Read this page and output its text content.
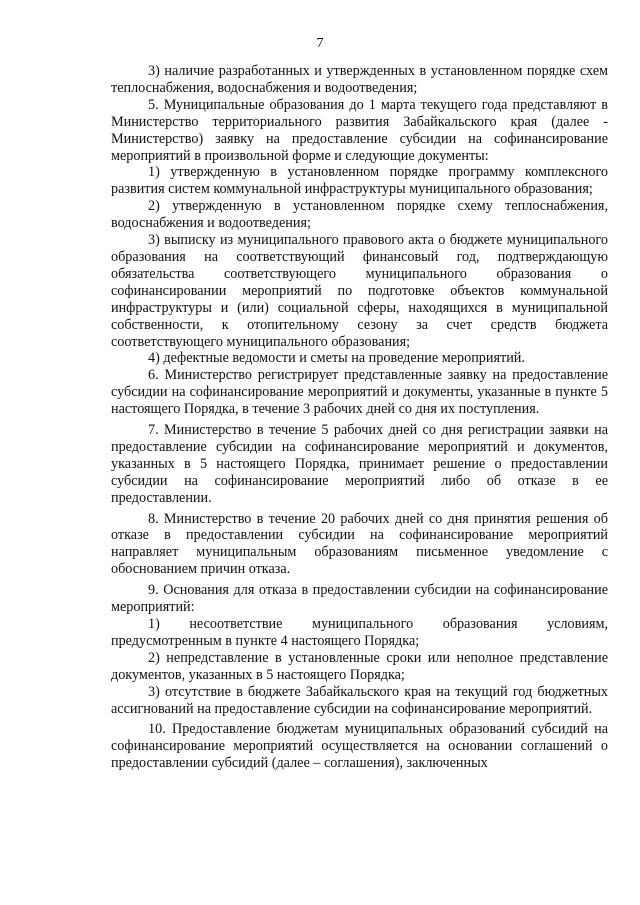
7

3) наличие разработанных и утвержденных в установленном порядке схем теплоснабжения, водоснабжения и водоотведения;

5. Муниципальные образования до 1 марта текущего года представляют в Министерство территориального развития Забайкальского края (далее - Министерство) заявку на предоставление субсидии на софинансирование мероприятий в произвольной форме и следующие документы:

1) утвержденную в установленном порядке программу комплексного развития систем коммунальной инфраструктуры муниципального образования;

2) утвержденную в установленном порядке схему теплоснабжения, водоснабжения и водоотведения;

3) выписку из муниципального правового акта о бюджете муниципального образования на соответствующий финансовый год, подтверждающую обязательства соответствующего муниципального образования о софинансировании мероприятий по подготовке объектов коммунальной инфраструктуры и (или) социальной сферы, находящихся в муниципальной собственности, к отопительному сезону за счет средств бюджета соответствующего муниципального образования;

4) дефектные ведомости и сметы на проведение мероприятий.

6. Министерство регистрирует представленные заявку на предоставление субсидии на софинансирование мероприятий и документы, указанные в пункте 5 настоящего Порядка, в течение 3 рабочих дней со дня их поступления.

7. Министерство в течение 5 рабочих дней со дня регистрации заявки на предоставление субсидии на софинансирование мероприятий и документов, указанных в 5 настоящего Порядка, принимает решение о предоставлении субсидии на софинансирование мероприятий либо об отказе в ее предоставлении.

8. Министерство в течение 20 рабочих дней со дня принятия решения об отказе в предоставлении субсидии на софинансирование мероприятий направляет муниципальным образованиям письменное уведомление с обоснованием причин отказа.

9. Основания для отказа в предоставлении субсидии на софинансирование мероприятий:

1) несоответствие муниципального образования условиям, предусмотренным в пункте 4 настоящего Порядка;

2) непредставление в установленные сроки или неполное представление документов, указанных в 5 настоящего Порядка;

3) отсутствие в бюджете Забайкальского края на текущий год бюджетных ассигнований на предоставление субсидии на софинансирование мероприятий.

10. Предоставление бюджетам муниципальных образований субсидий на софинансирование мероприятий осуществляется на основании соглашений о предоставлении субсидий (далее – соглашения), заключенных
